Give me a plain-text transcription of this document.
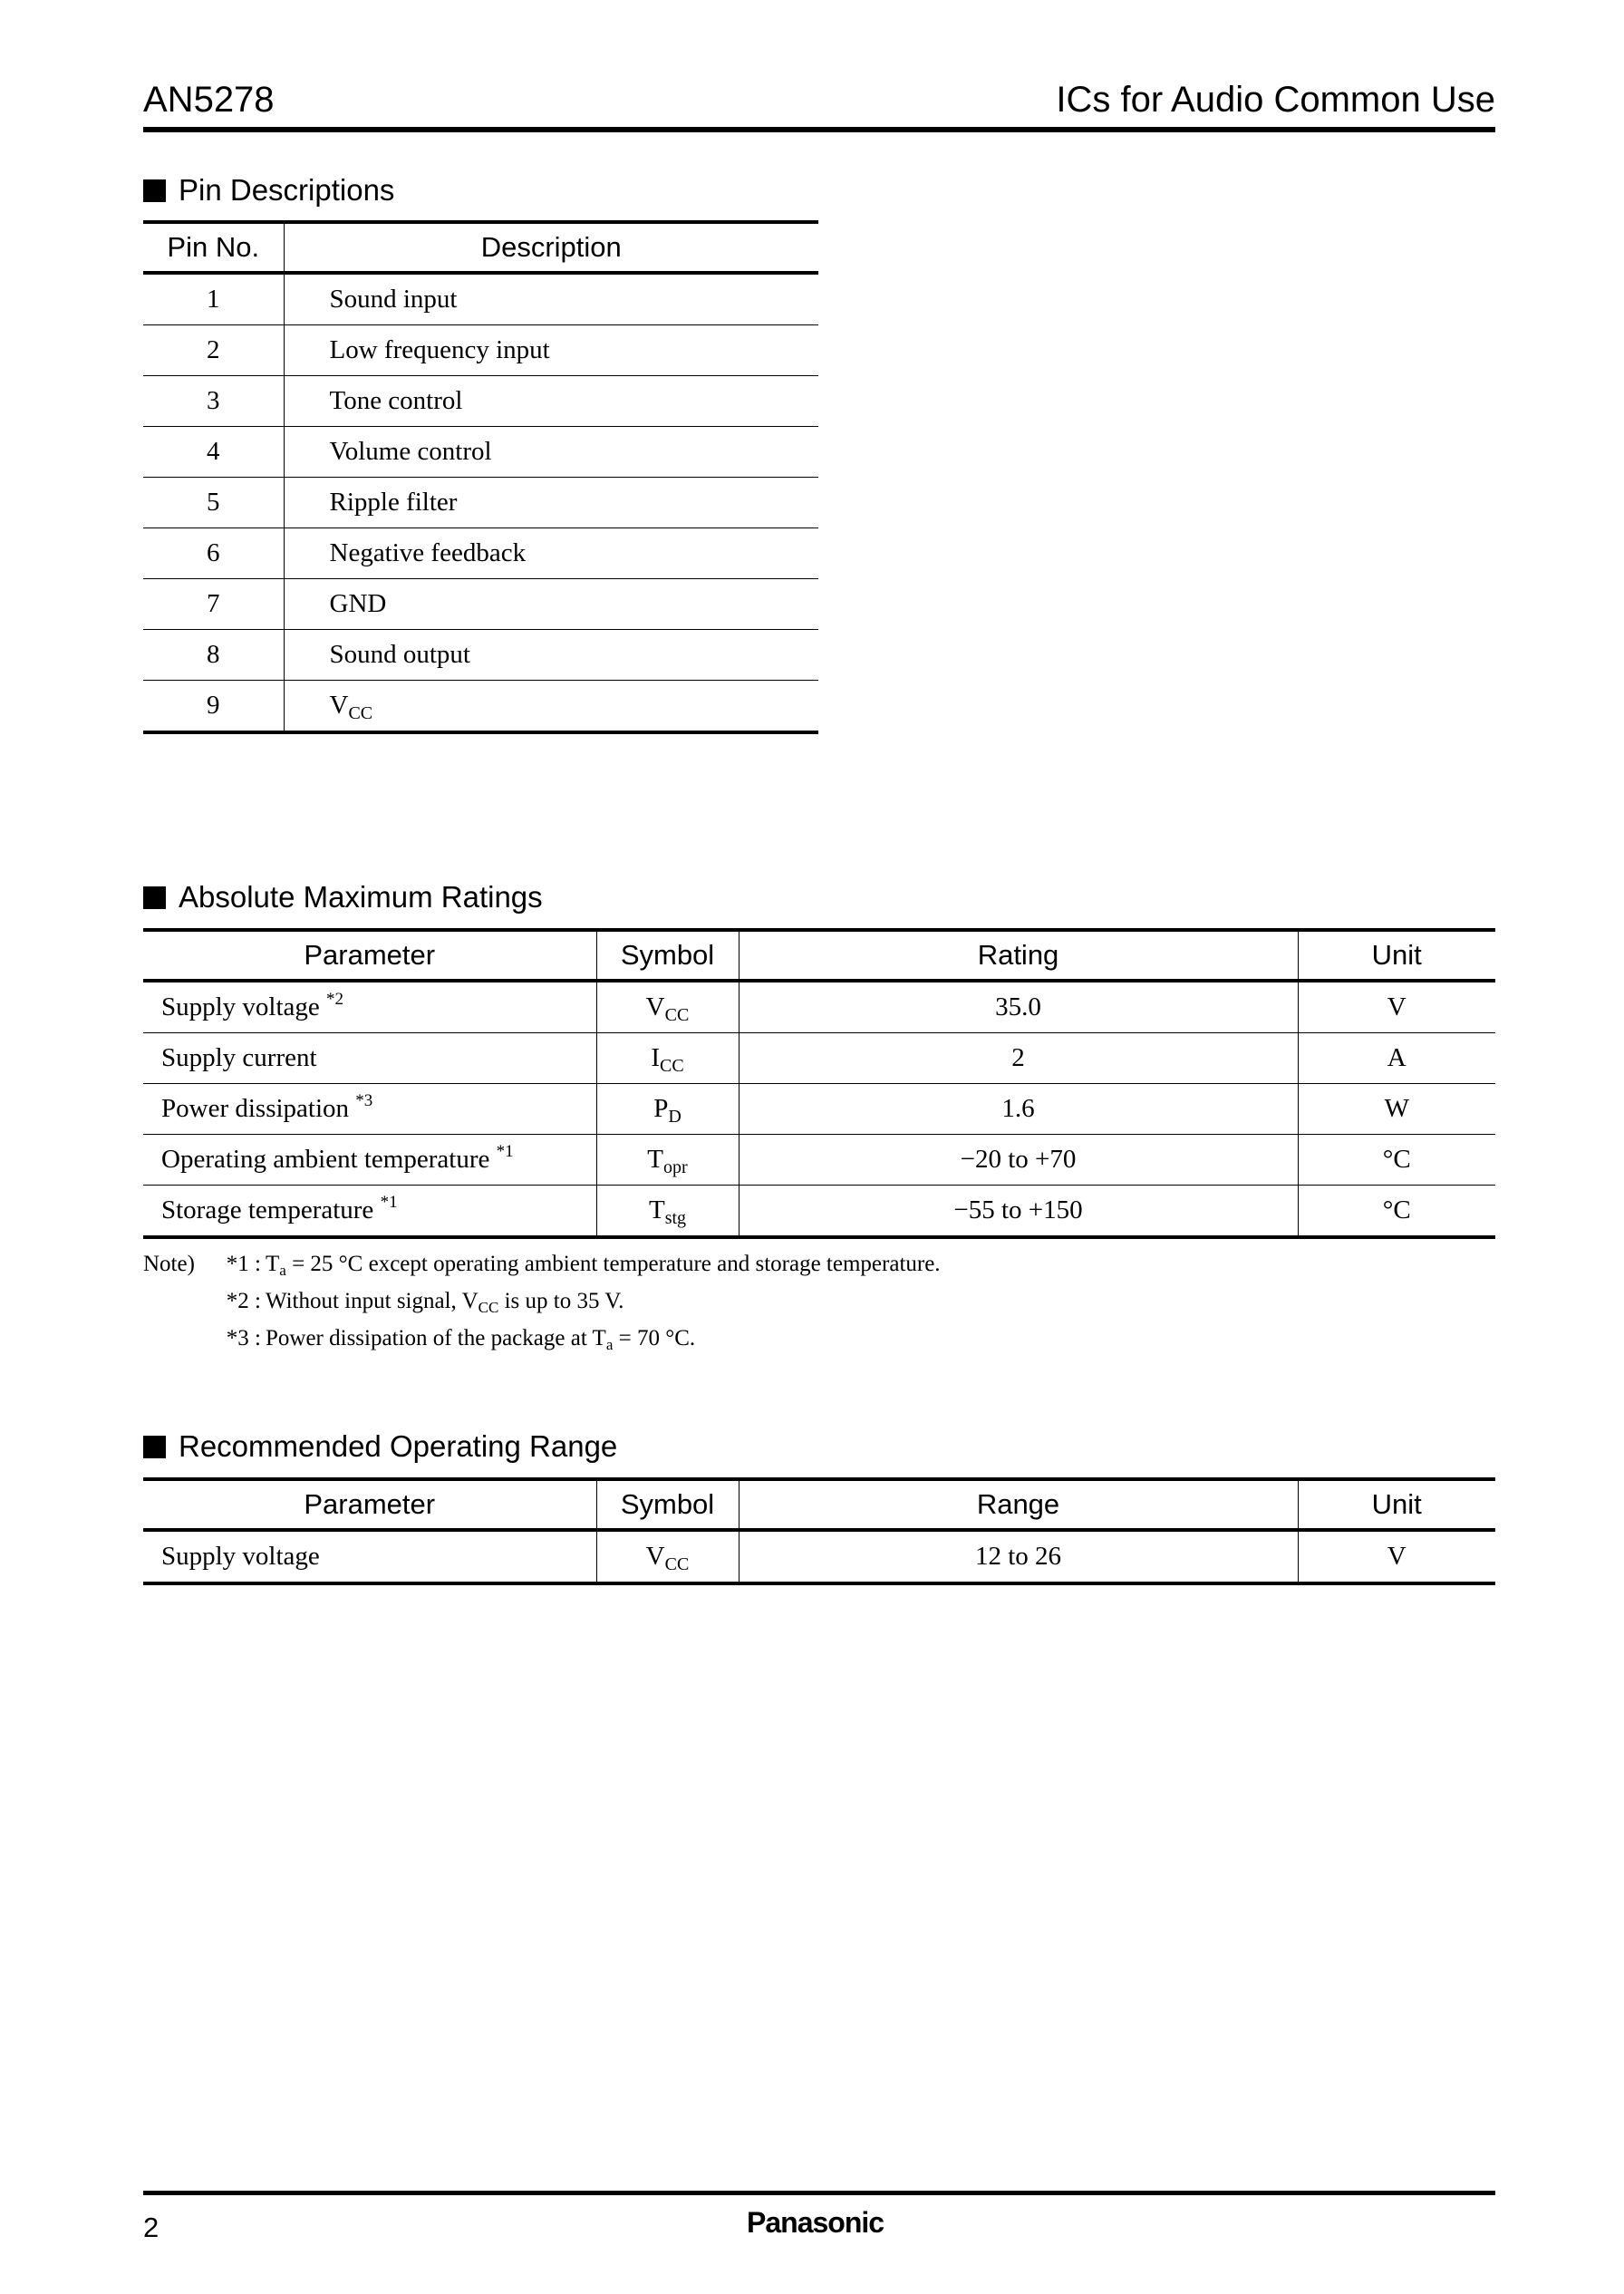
AN5278	ICs for Audio Common Use
Pin Descriptions
Pin No.	Description
1	Sound input
2	Low frequency input
3	Tone control
4	Volume control
5	Ripple filter
6	Negative feedback
7	GND
8	Sound output
9	$V_{CC}$
Absolute Maximum Ratings
Parameter	Symbol	Rating	Unit
Supply voltage $^{*2}$	$V_{CC}$	35.0	V
Supply current	$I_{CC}$	2	A
Power dissipation $^{*3}$	$P_D$	1.6	W
Operating ambient temperature $^{*1}$	$T_{opr}$	−20 to +70	°C
Storage temperature $^{*1}$	$T_{stg}$	−55 to +150	°C
Note)	*1 : $T_a = 25$ °C except operating ambient temperature and storage temperature.
*2 : Without input signal, $V_{CC}$ is up to 35 V.
*3 : Power dissipation of the package at $T_a = 70$ °C.
Recommended Operating Range
Parameter	Symbol	Range	Unit
Supply voltage	$V_{CC}$	12 to 26	V
2	Panasonic
